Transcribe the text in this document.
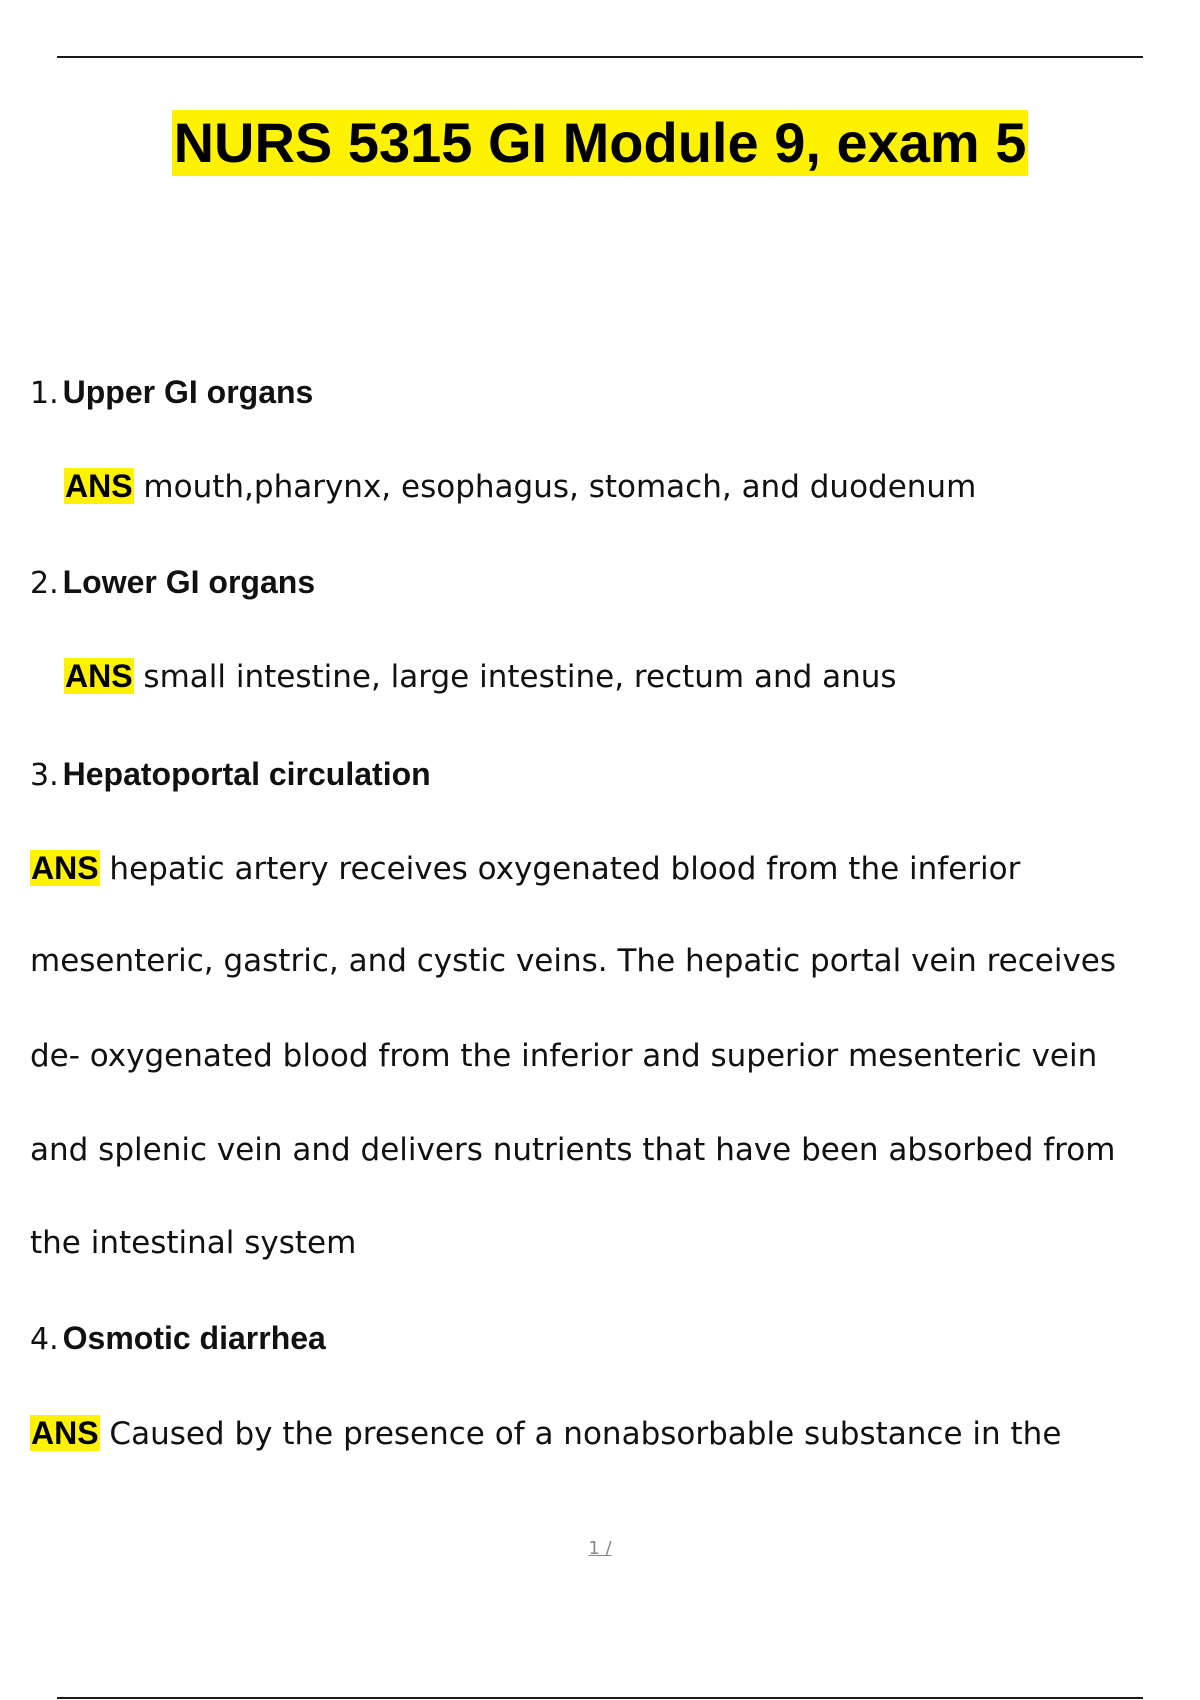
NURS 5315 GI Module 9, exam 5
1. Upper GI organs
ANS mouth,pharynx, esophagus, stomach, and duodenum
2. Lower GI organs
ANS small intestine, large intestine, rectum and anus
3. Hepatoportal circulation
ANS hepatic artery receives oxygenated blood from the inferior
mesenteric, gastric, and cystic veins. The hepatic portal vein receives
de- oxygenated blood from the inferior and superior mesenteric vein
and splenic vein and delivers nutrients that have been absorbed from
the intestinal system
4. Osmotic diarrhea
ANS Caused by the presence of a nonabsorbable substance in the
1 /
